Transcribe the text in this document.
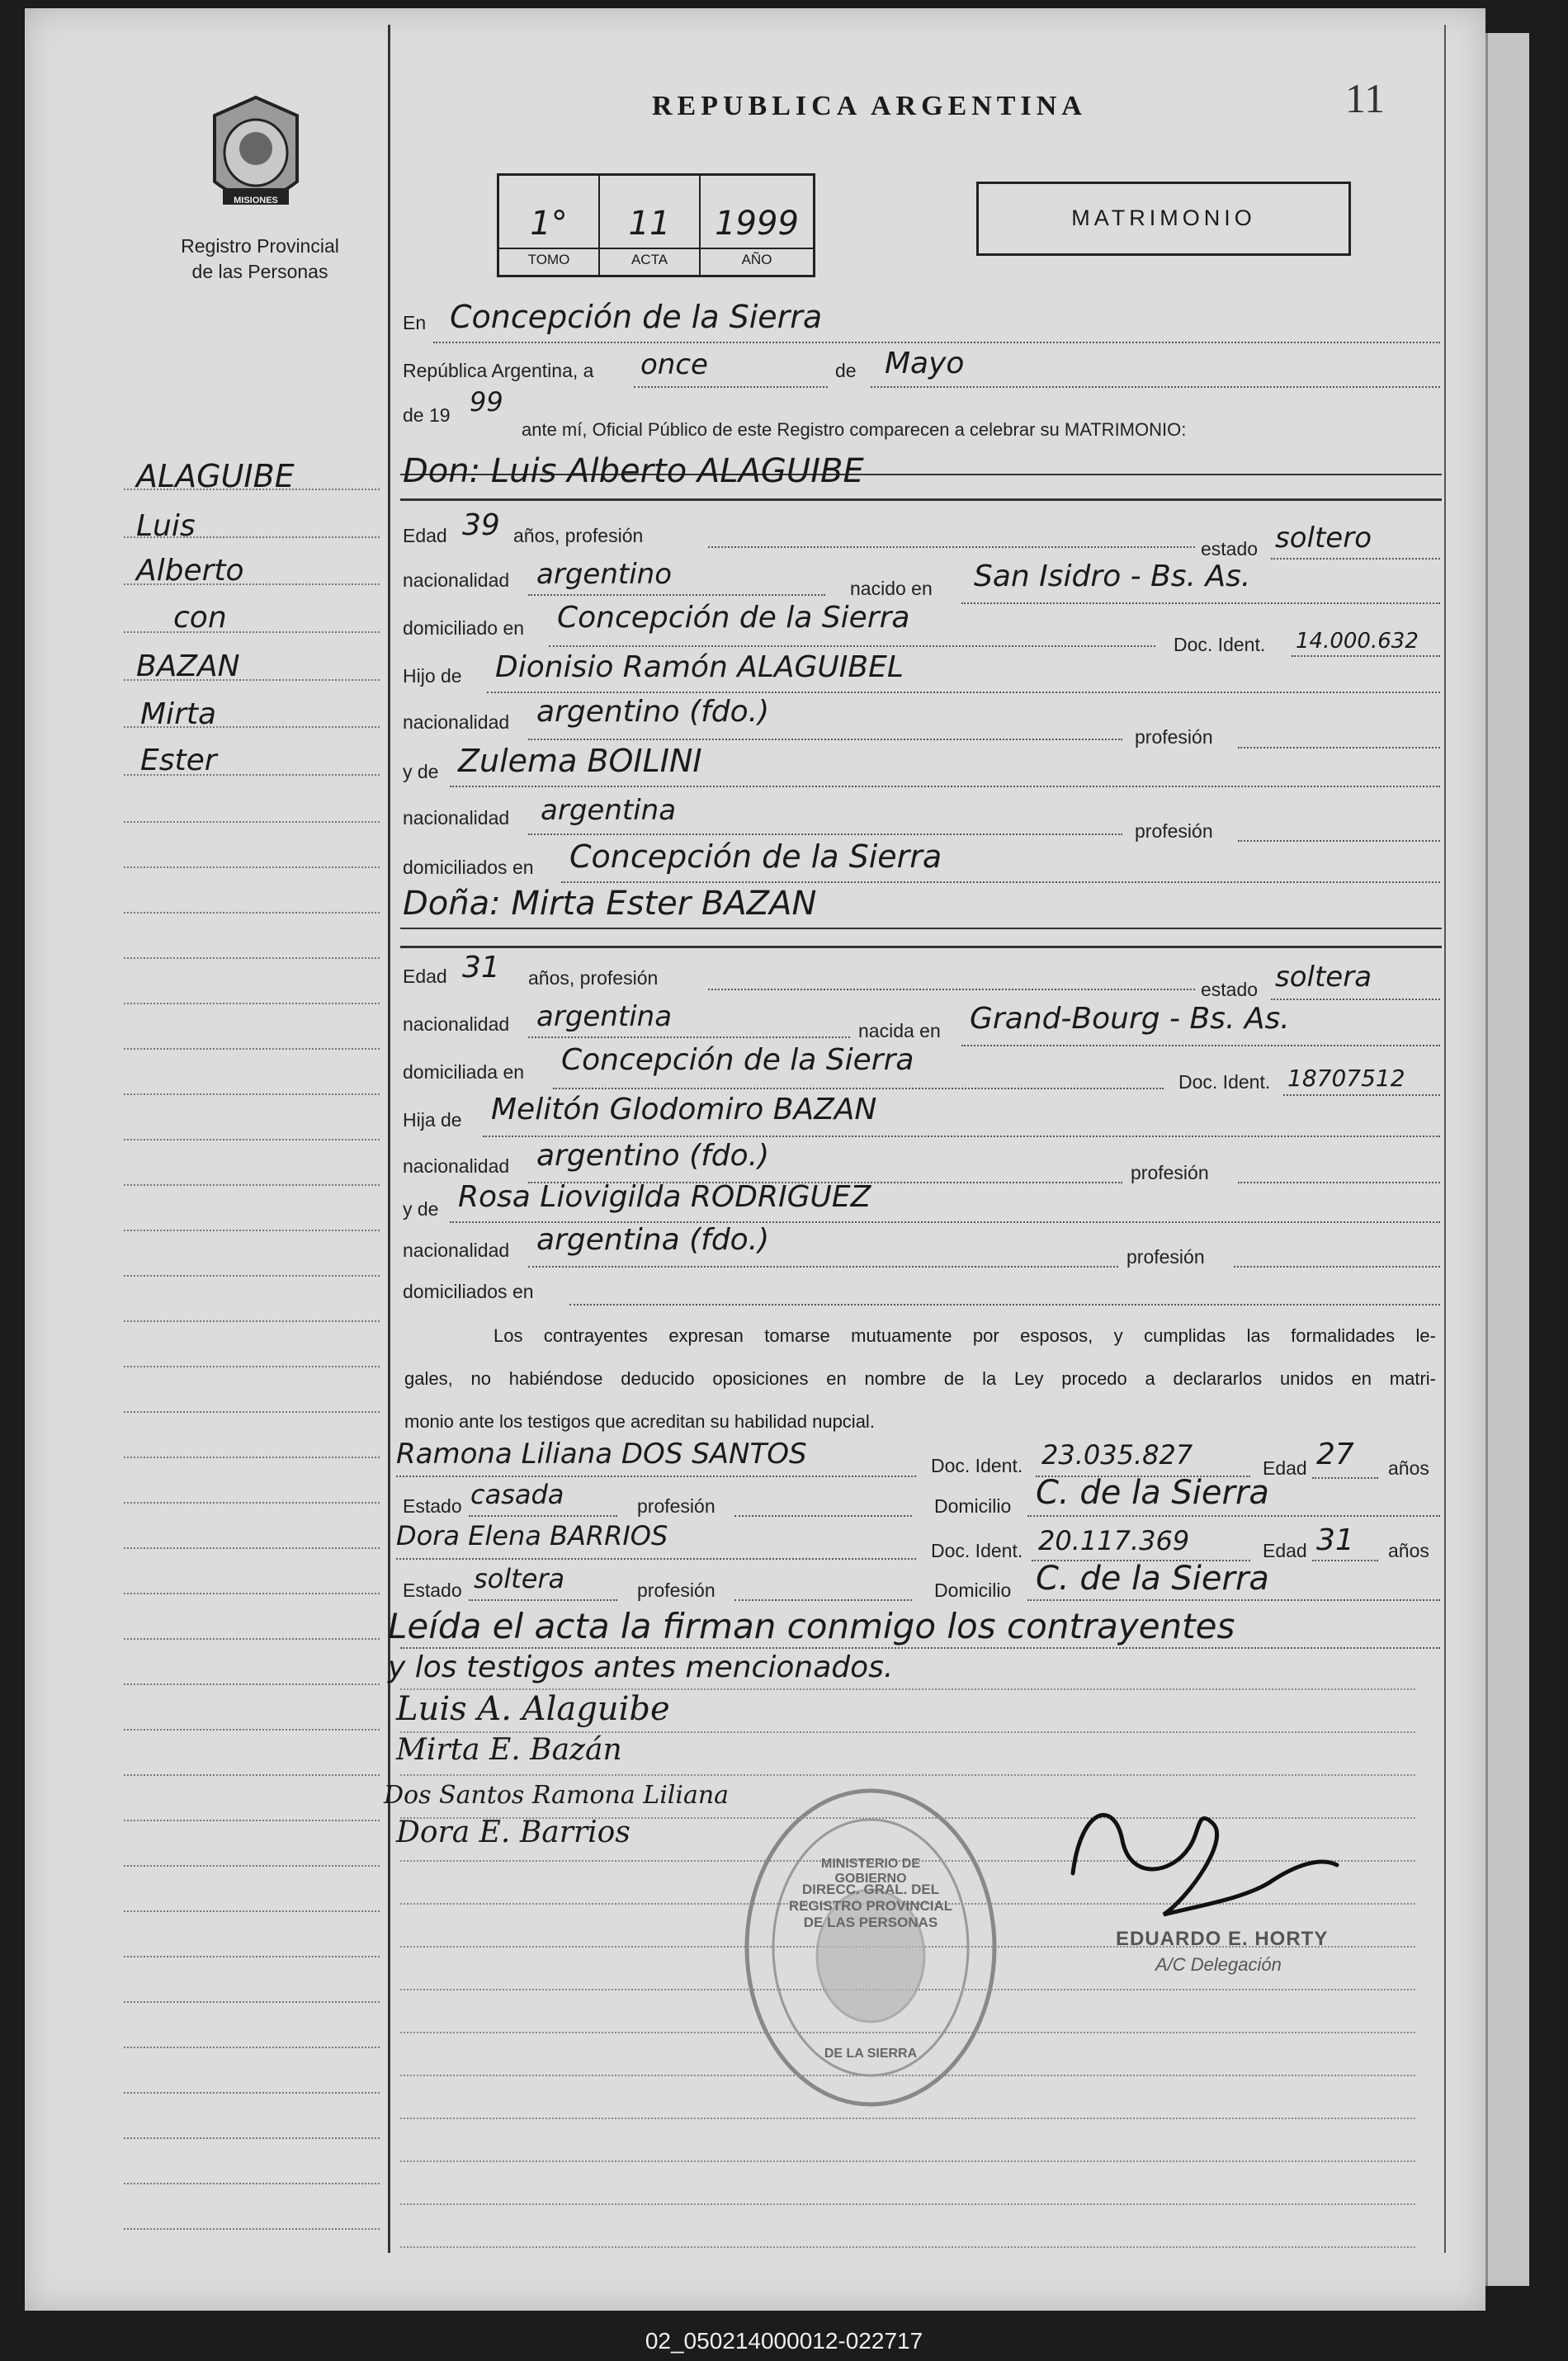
MISIONES
Registro Provincial
de las Personas
REPUBLICA ARGENTINA	11
1°
TOMO
11
ACTA
1999
AÑO
MATRIMONIO
ALAGUIBE
Luis
Alberto
con
BAZAN
Mirta
Ester
En Concepción de la Sierra
República Argentina, a once	de Mayo
de 19 99
ante mí, Oficial Público de este Registro comparecen a celebrar su MATRIMONIO:
Don: Luis Alberto ALAGUIBE
Edad 39 años, profesión
estado soltero
nacionalidad argentino	nacido en San Isidro - Bs. As.
domiciliado en Concepción de la Sierra
Doc. Ident. 14.000.632
Hijo de Dionisio Ramón ALAGUIBEL
nacionalidad argentino (fdo.)
profesión
y de Zulema BOILINI
nacionalidad argentina
profesión
domiciliados en Concepción de la Sierra
Doña: Mirta Ester BAZAN
Edad 31 años, profesión
estado soltera
nacionalidad argentina	nacida en Grand-Bourg - Bs. As.
domiciliada en Concepción de la Sierra
Doc. Ident. 18707512
Hija de Melitón Glodomiro BAZAN
nacionalidad argentino (fdo.)	profesión
y de Rosa Liovigilda RODRIGUEZ
nacionalidad argentina (fdo.)	profesión
domiciliados en
Los contrayentes expresan tomarse mutuamente por esposos, y cumplidas las formalidades le-
gales, no habiéndose deducido oposiciones en nombre de la Ley procedo a declararlos unidos en matri-
monio ante los testigos que acreditan su habilidad nupcial.
Ramona Liliana DOS SANTOS	Doc. Ident. 23.035.827	Edad 27 años
Estado casada	profesión	Domicilio C. de la Sierra
Dora Elena BARRIOS	Doc. Ident. 20.117.369	Edad 31 años
Estado soltera	profesión	Domicilio C. de la Sierra
Leída el acta la firman conmigo los contrayentes
y los testigos antes mencionados.
Luis A. Alaguibe
Mirta E. Bazán
Dos Santos Ramona Liliana
Dora E. Barrios
DIRECC. GRAL. DEL REGISTRO PROVINCIAL DE LAS PERSONAS
MINISTERIO DE GOBIERNO
DE LA SIERRA
EDUARDO E. HORTY
A/C Delegación
02_050214000012-022717
